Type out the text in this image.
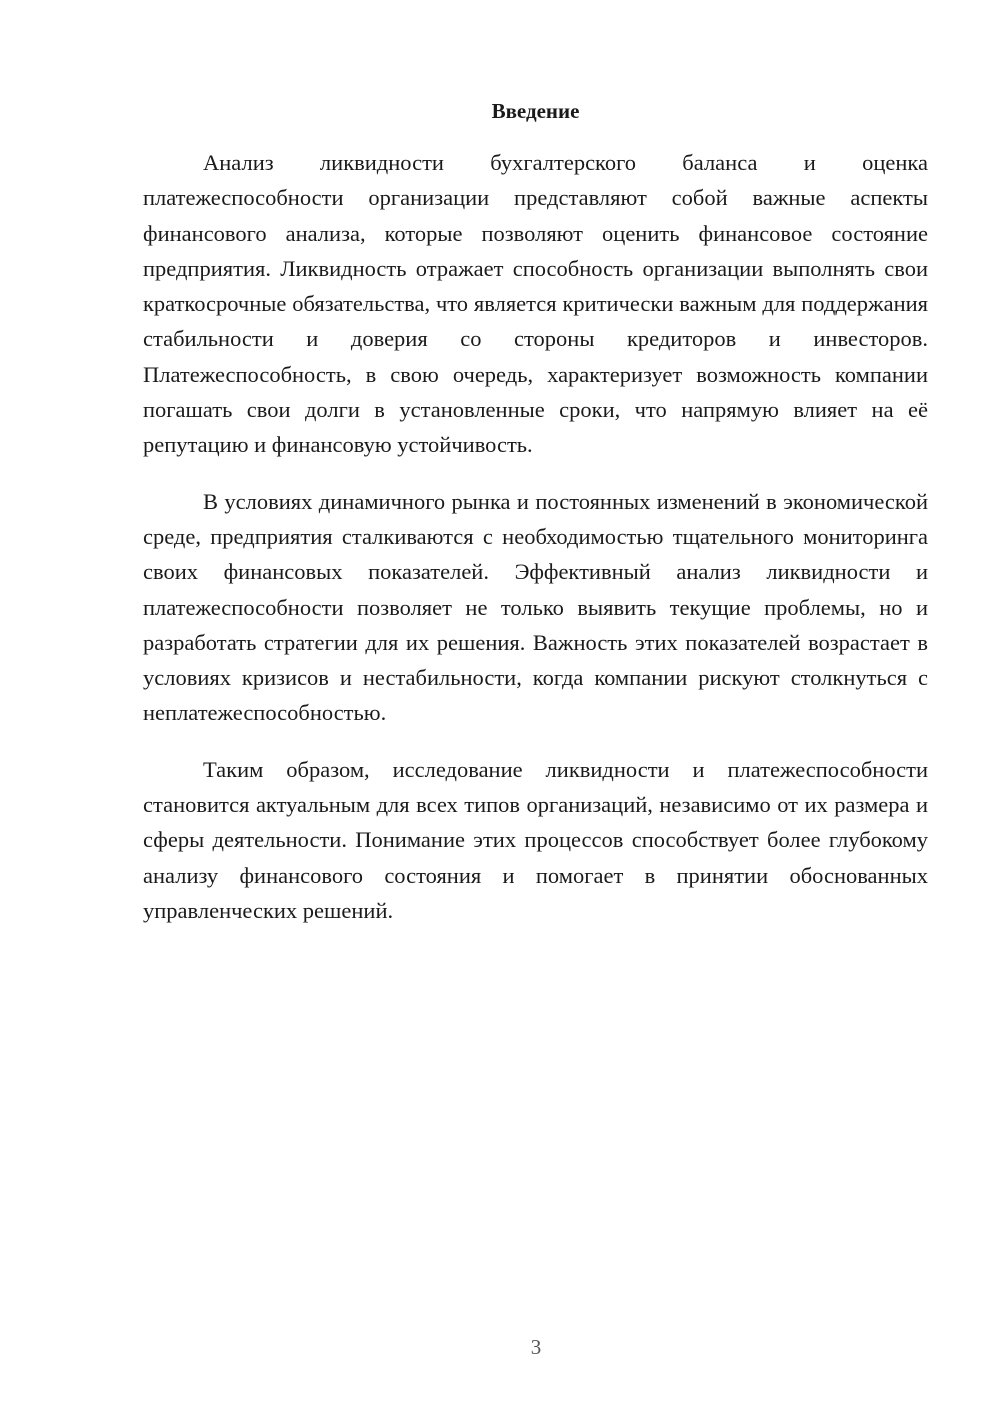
Введение

Анализ ликвидности бухгалтерского баланса и оценка платежеспособности организации представляют собой важные аспекты финансового анализа, которые позволяют оценить финансовое состояние предприятия. Ликвидность отражает способность организации выполнять свои краткосрочные обязательства, что является критически важным для поддержания стабильности и доверия со стороны кредиторов и инвесторов. Платежеспособность, в свою очередь, характеризует возможность компании погашать свои долги в установленные сроки, что напрямую влияет на её репутацию и финансовую устойчивость.

В условиях динамичного рынка и постоянных изменений в экономической среде, предприятия сталкиваются с необходимостью тщательного мониторинга своих финансовых показателей. Эффективный анализ ликвидности и платежеспособности позволяет не только выявить текущие проблемы, но и разработать стратегии для их решения. Важность этих показателей возрастает в условиях кризисов и нестабильности, когда компании рискуют столкнуться с неплатежеспособностью.

Таким образом, исследование ликвидности и платежеспособности становится актуальным для всех типов организаций, независимо от их размера и сферы деятельности. Понимание этих процессов способствует более глубокому анализу финансового состояния и помогает в принятии обоснованных управленческих решений.

3
